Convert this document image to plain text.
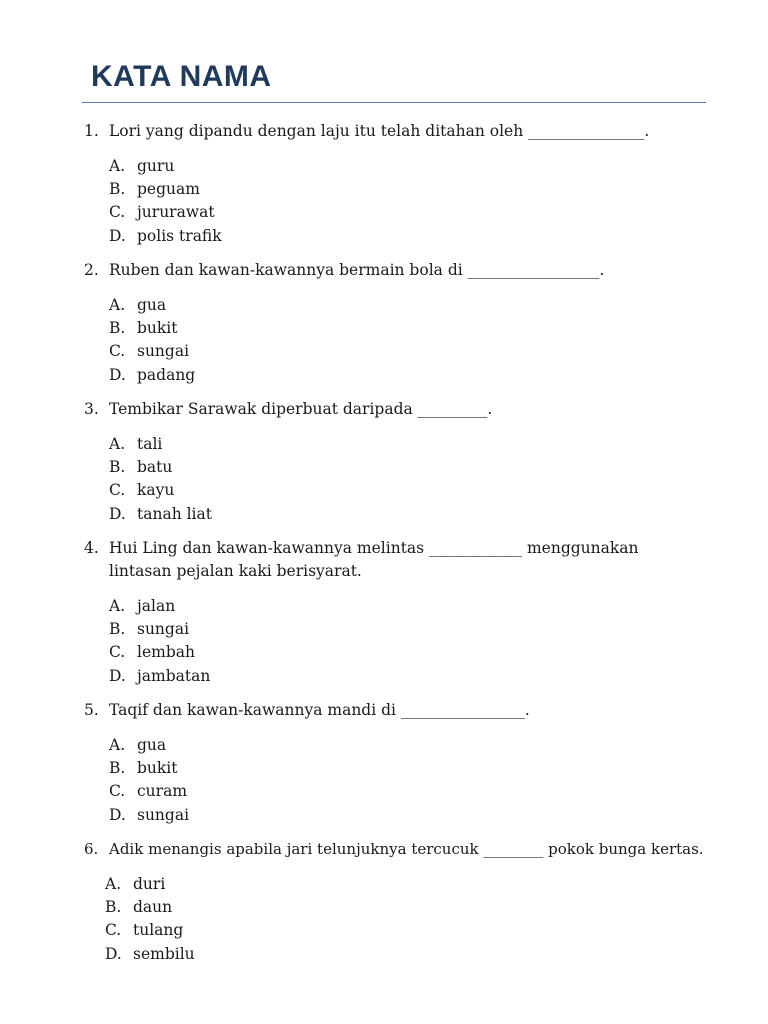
KATA NAMA
1. Lori yang dipandu dengan laju itu telah ditahan oleh _______________.
A. guru
B. peguam
C. jururawat
D. polis trafik
2. Ruben dan kawan-kawannya bermain bola di _________________.
A. gua
B. bukit
C. sungai
D. padang
3. Tembikar Sarawak diperbuat daripada _________.
A. tali
B. batu
C. kayu
D. tanah liat
4. Hui Ling dan kawan-kawannya melintas ____________ menggunakan lintasan pejalan kaki berisyarat.
A. jalan
B. sungai
C. lembah
D. jambatan
5. Taqif dan kawan-kawannya mandi di ________________.
A. gua
B. bukit
C. curam
D. sungai
6. Adik menangis apabila jari telunjuknya tercucuk ________ pokok bunga kertas.
A. duri
B. daun
C. tulang
D. sembilu
